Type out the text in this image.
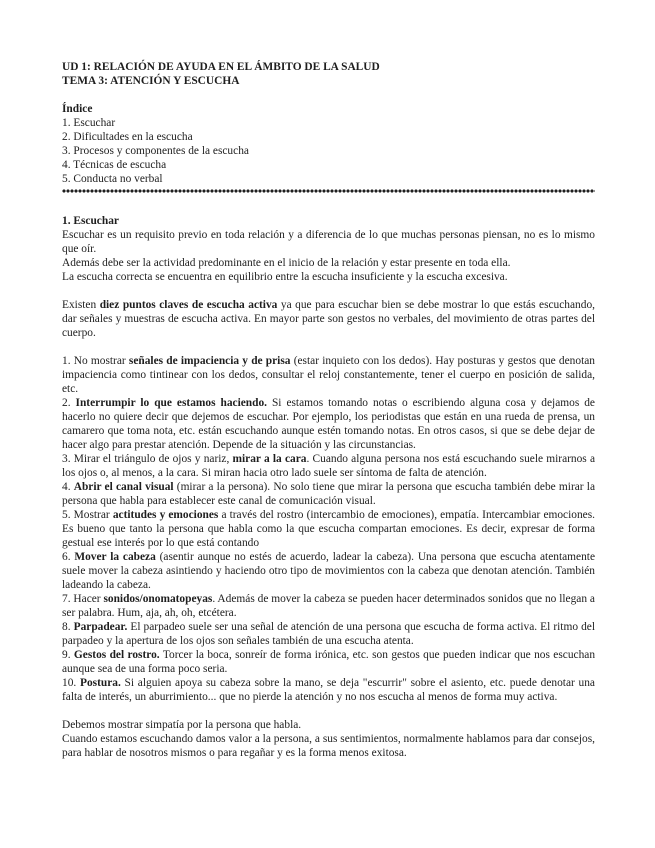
UD 1: RELACIÓN DE AYUDA EN EL ÁMBITO DE LA SALUD

TEMA 3: ATENCIÓN Y ESCUCHA

Índice

1. Escuchar

2. Dificultades en la escucha

3. Procesos y componentes de la escucha

4. Técnicas de escucha

5. Conducta no verbal

1. Escuchar

Escuchar es un requisito previo en toda relación y a diferencia de lo que muchas personas piensan, no es lo mismo que oír.

Además debe ser la actividad predominante en el inicio de la relación y estar presente en toda ella.

La escucha correcta se encuentra en equilibrio entre la escucha insuficiente y la escucha excesiva.

Existen diez puntos claves de escucha activa ya que para escuchar bien se debe mostrar lo que estás escuchando, dar señales y muestras de escucha activa. En mayor parte son gestos no verbales, del movimiento de otras partes del cuerpo.

1. No mostrar señales de impaciencia y de prisa (estar inquieto con los dedos). Hay posturas y gestos que denotan impaciencia como tintinear con los dedos, consultar el reloj constantemente, tener el cuerpo en posición de salida, etc.

2. Interrumpir lo que estamos haciendo. Si estamos tomando notas o escribiendo alguna cosa y dejamos de hacerlo no quiere decir que dejemos de escuchar. Por ejemplo, los periodistas que están en una rueda de prensa, un camarero que toma nota, etc. están escuchando aunque estén tomando notas. En otros casos, si que se debe dejar de hacer algo para prestar atención. Depende de la situación y las circunstancias.

3. Mirar el triángulo de ojos y nariz, mirar a la cara. Cuando alguna persona nos está escuchando suele mirarnos a los ojos o, al menos, a la cara. Si miran hacia otro lado suele ser síntoma de falta de atención.

4. Abrir el canal visual (mirar a la persona). No solo tiene que mirar la persona que escucha también debe mirar la persona que habla para establecer este canal de comunicación visual.

5. Mostrar actitudes y emociones a través del rostro (intercambio de emociones), empatía. Intercambiar emociones. Es bueno que tanto la persona que habla como la que escucha compartan emociones. Es decir, expresar de forma gestual ese interés por lo que está contando

6. Mover la cabeza (asentir aunque no estés de acuerdo, ladear la cabeza). Una persona que escucha atentamente suele mover la cabeza asintiendo y haciendo otro tipo de movimientos con la cabeza que denotan atención. También ladeando la cabeza.

7. Hacer sonidos/onomatopeyas. Además de mover la cabeza se pueden hacer determinados sonidos que no llegan a ser palabra. Hum, aja, ah, oh, etcétera.

8. Parpadear. El parpadeo suele ser una señal de atención de una persona que escucha de forma activa. El ritmo del parpadeo y la apertura de los ojos son señales también de una escucha atenta.

9. Gestos del rostro. Torcer la boca, sonreír de forma irónica, etc. son gestos que pueden indicar que nos escuchan aunque sea de una forma poco seria.

10. Postura. Si alguien apoya su cabeza sobre la mano, se deja "escurrir" sobre el asiento, etc. puede denotar una falta de interés, un aburrimiento... que no pierde la atención y no nos escucha al menos de forma muy activa.

Debemos mostrar simpatía por la persona que habla.

Cuando estamos escuchando damos valor a la persona, a sus sentimientos, normalmente hablamos para dar consejos, para hablar de nosotros mismos o para regañar y es la forma menos exitosa.
